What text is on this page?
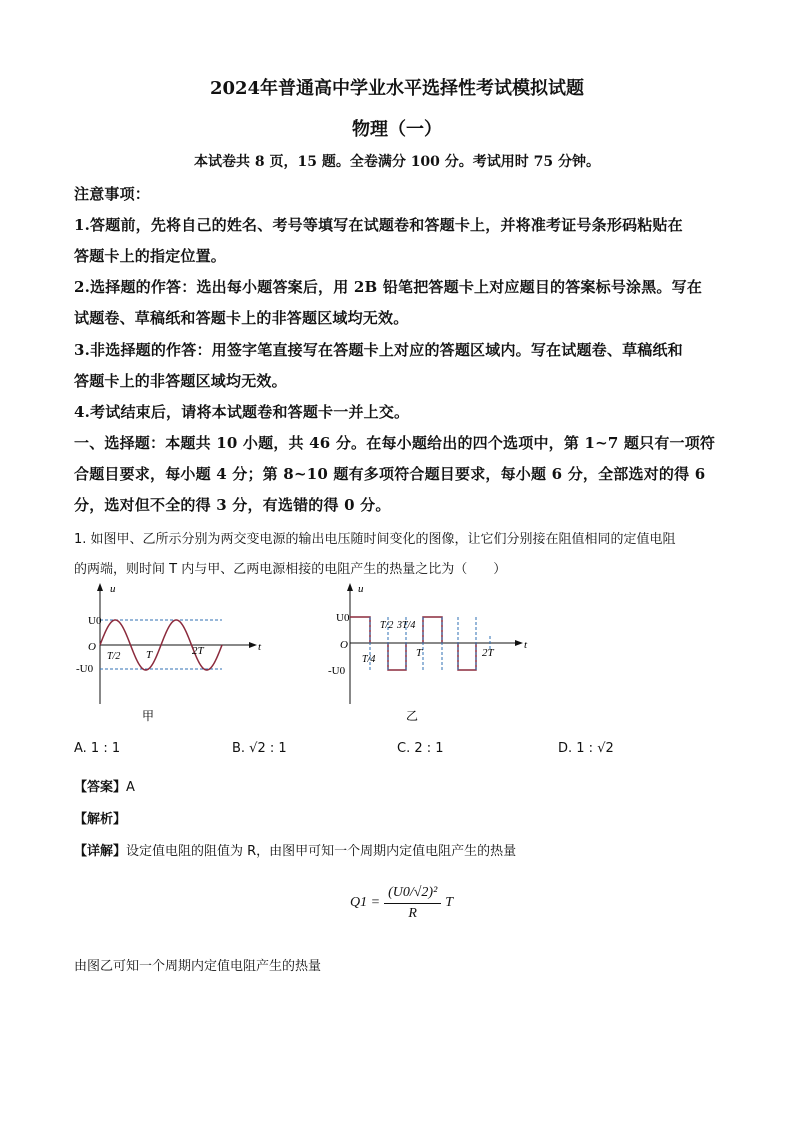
2024年普通高中学业水平选择性考试模拟试题
物理（一）
本试卷共 8 页，15 题。全卷满分 100 分。考试用时 75 分钟。
注意事项：
1.答题前，先将自己的姓名、考号等填写在试题卷和答题卡上，并将准考证号条形码粘贴在
答题卡上的指定位置。
2.选择题的作答：选出每小题答案后，用 2B 铅笔把答题卡上对应题目的答案标号涂黑。写在
试题卷、草稿纸和答题卡上的非答题区域均无效。
3.非选择题的作答：用签字笔直接写在答题卡上对应的答题区域内。写在试题卷、草稿纸和
答题卡上的非答题区域均无效。
4.考试结束后，请将本试题卷和答题卡一并上交。
一、选择题：本题共 10 小题，共 46 分。在每小题给出的四个选项中，第 1~7 题只有一项符
合题目要求，每小题 4 分；第 8~10 题有多项符合题目要求，每小题 6 分，全部选对的得 6
分，选对但不全的得 3 分，有选错的得 0 分。
1. 如图甲、乙所示分别为两交变电源的输出电压随时间变化的图像，让它们分别接在阻值相同的定值电阻
的两端，则时间 T 内与甲、乙两电源相接的电阻产生的热量之比为（　　）
u
t
U0
O
-U0
T/2 T	2T
甲
u
t
U0
O
-U0
T/2 3T/4
T/4
T	2T
乙
A. 1 : 1	B. √2 : 1	C. 2 : 1	D. 1 : √2
【答案】A
【解析】
【详解】设定值电阻的阻值为 R，由图甲可知一个周期内定值电阻产生的热量
Q1 =
(U0/√2)²
R
T
由图乙可知一个周期内定值电阻产生的热量
